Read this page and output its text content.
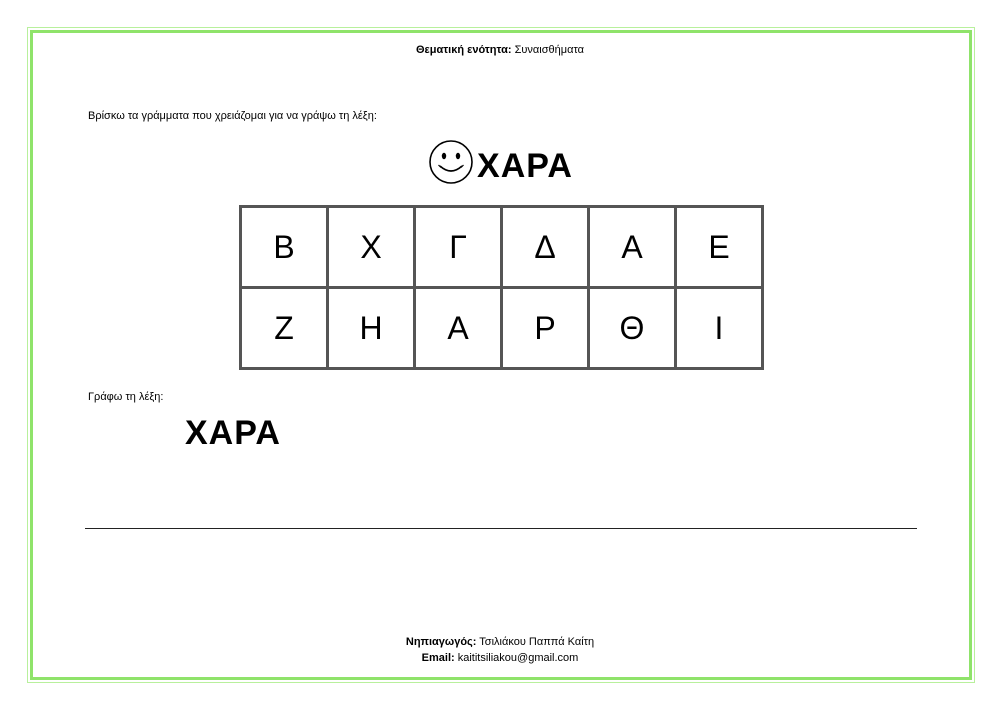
Θεματική ενότητα: Συναισθήματα
Βρίσκω τα γράμματα που χρειάζομαι για να γράψω τη λέξη:
ΧΑΡΑ
Β	Χ	Γ	Δ	Α	Ε
Ζ	Η	Α	Ρ	Θ	Ι
Γράφω τη λέξη:
ΧΑΡΑ
Νηπιαγωγός: Τσιλιάκου Παππά Καίτη
Email: kaititsiliakou@gmail.com
